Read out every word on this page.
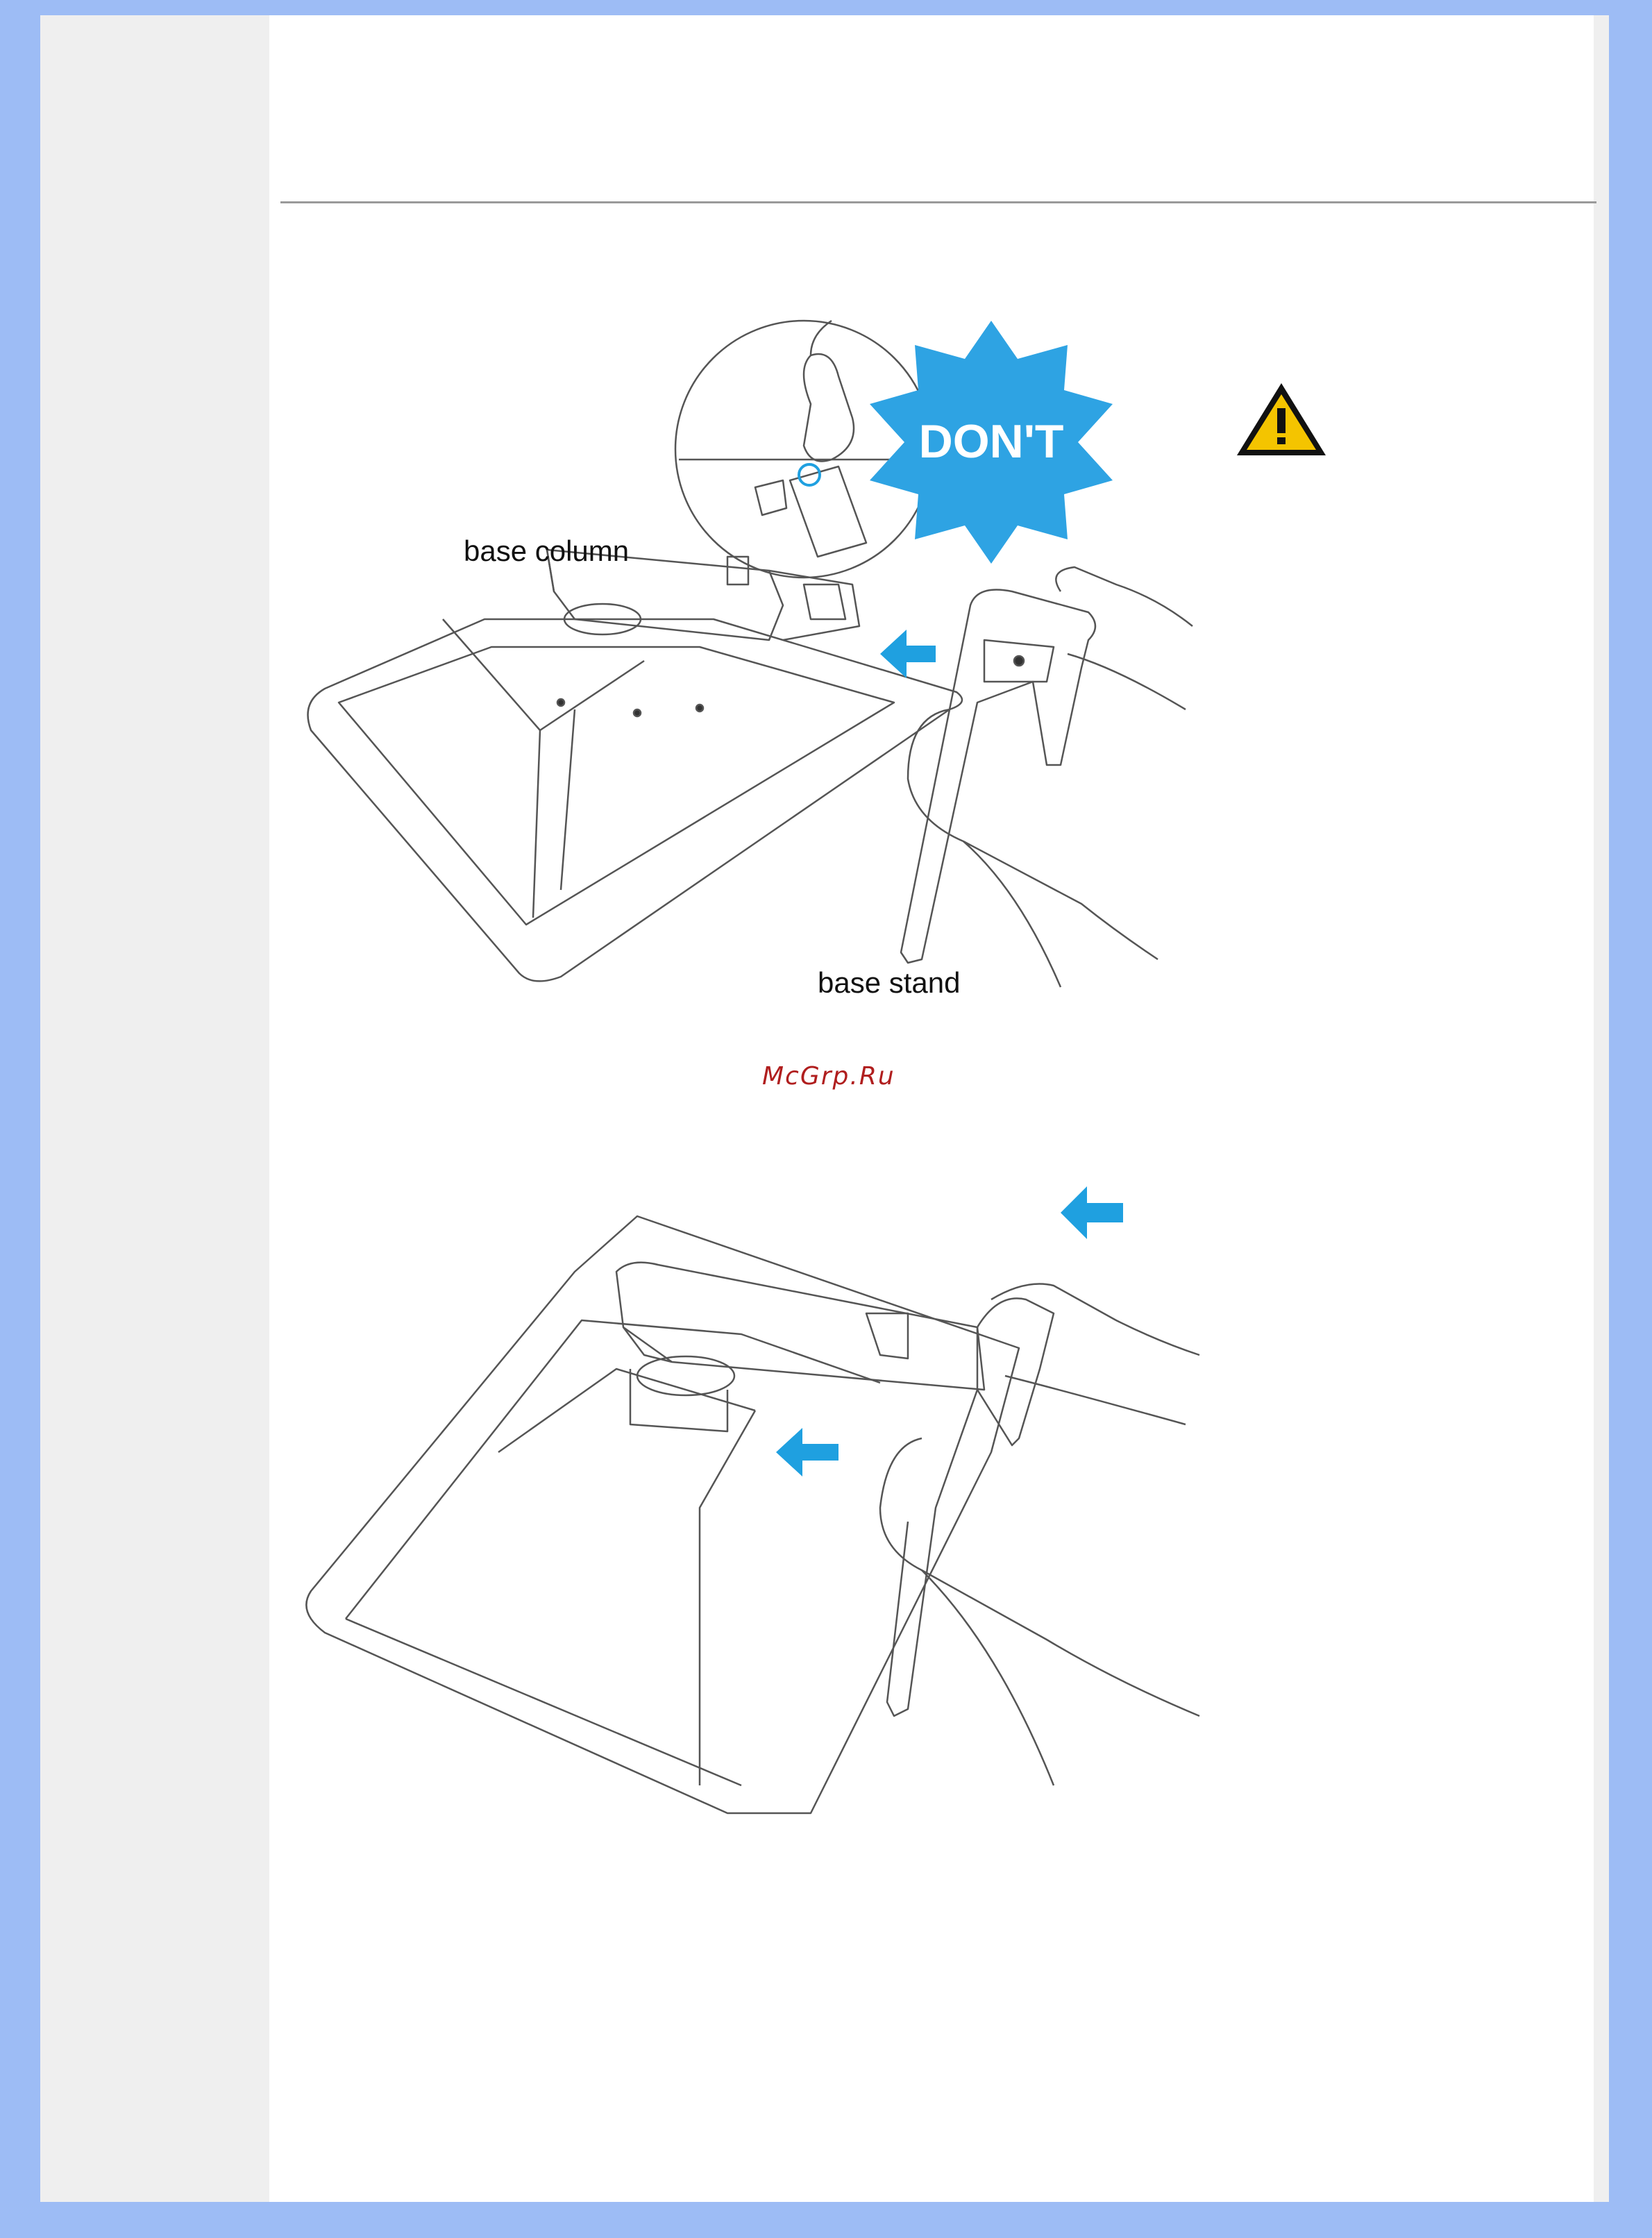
DON'T
base column
base stand
McGrp.Ru
